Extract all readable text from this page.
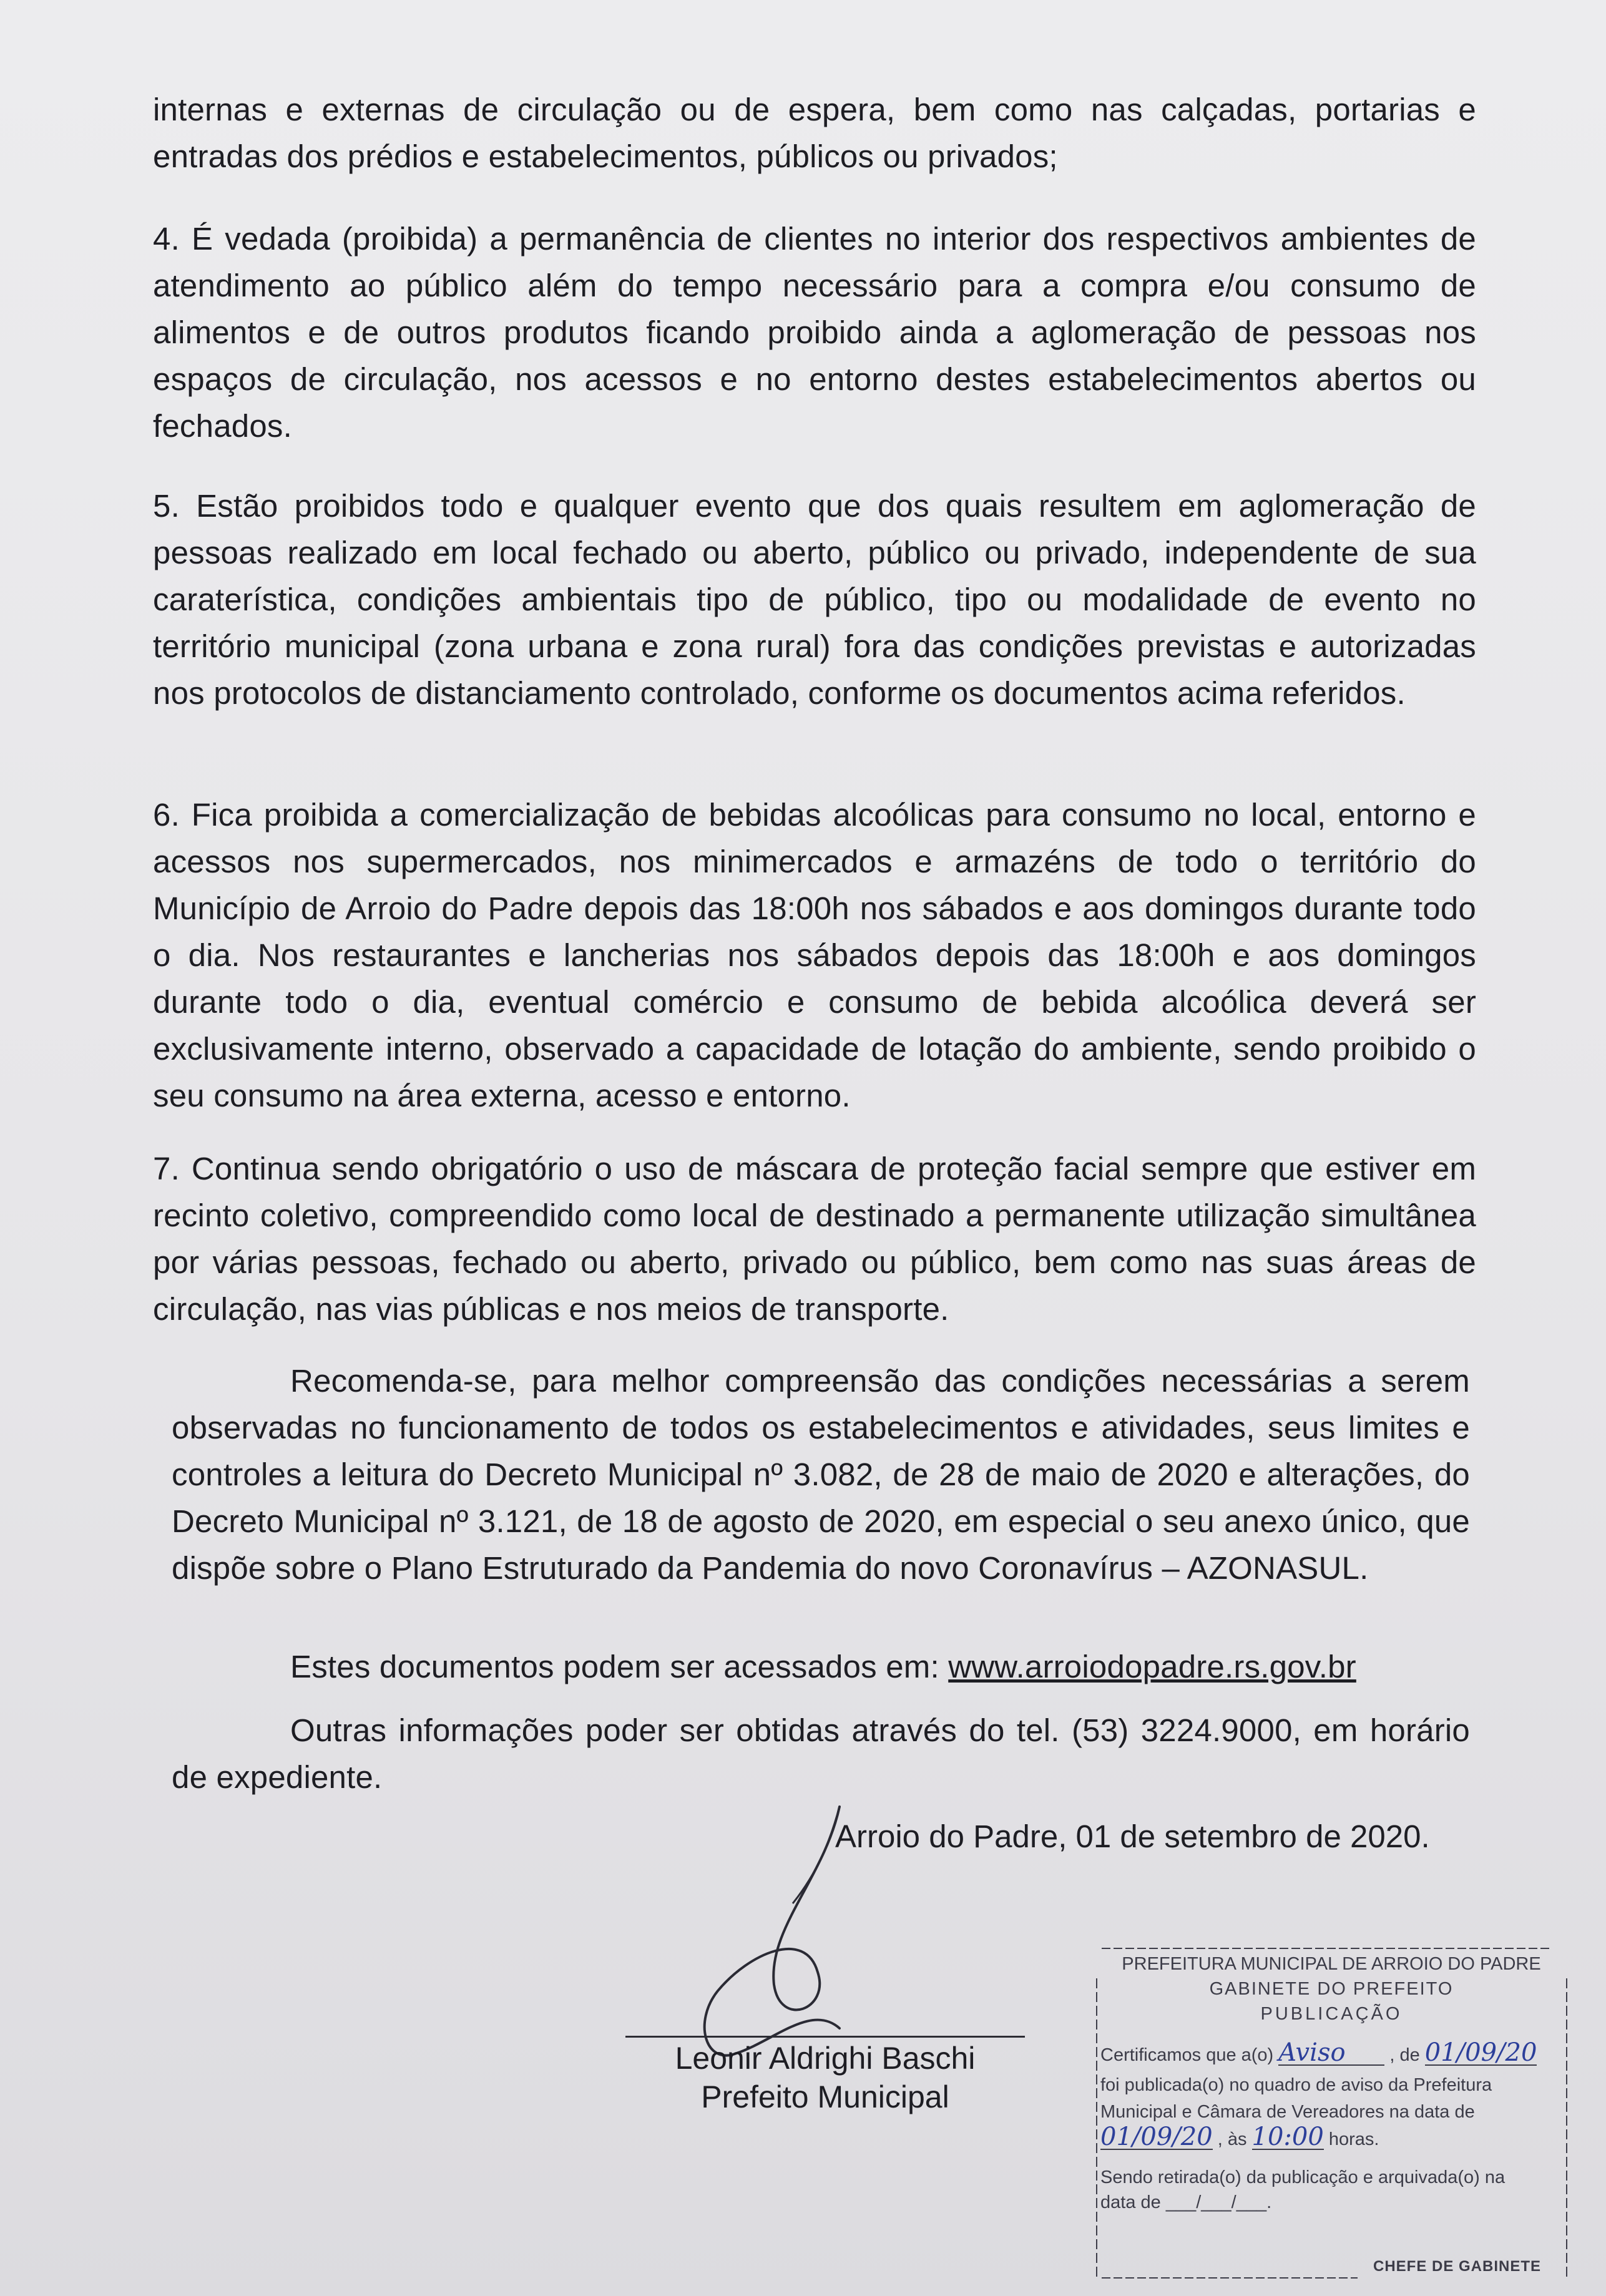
internas e externas de circulação ou de espera, bem como nas calçadas, portarias e entradas dos prédios e estabelecimentos, públicos ou privados;

4. É vedada (proibida) a permanência de clientes no interior dos respectivos ambientes de atendimento ao público além do tempo necessário para a compra e/ou consumo de alimentos e de outros produtos ficando proibido ainda a aglomeração de pessoas nos espaços de circulação, nos acessos e no entorno destes estabelecimentos abertos ou fechados.

5. Estão proibidos todo e qualquer evento que dos quais resultem em aglomeração de pessoas realizado em local fechado ou aberto, público ou privado, independente de sua caraterística, condições ambientais tipo de público, tipo ou modalidade de evento no território municipal (zona urbana e zona rural) fora das condições previstas e autorizadas nos protocolos de distanciamento controlado, conforme os documentos acima referidos.

6. Fica proibida a comercialização de bebidas alcoólicas para consumo no local, entorno e acessos nos supermercados, nos minimercados e armazéns de todo o território do Município de Arroio do Padre depois das 18:00h nos sábados e aos domingos durante todo o dia. Nos restaurantes e lancherias nos sábados depois das 18:00h e aos domingos durante todo o dia, eventual comércio e consumo de bebida alcoólica deverá ser exclusivamente interno, observado a capacidade de lotação do ambiente, sendo proibido o seu consumo na área externa, acesso e entorno.

7. Continua sendo obrigatório o uso de máscara de proteção facial sempre que estiver em recinto coletivo, compreendido como local de destinado a permanente utilização simultânea por várias pessoas, fechado ou aberto, privado ou público, bem como nas suas áreas de circulação, nas vias públicas e nos meios de transporte.

Recomenda-se, para melhor compreensão das condições necessárias a serem observadas no funcionamento de todos os estabelecimentos e atividades, seus limites e controles a leitura do Decreto Municipal nº 3.082, de 28 de maio de 2020 e alterações, do Decreto Municipal nº 3.121, de 18 de agosto de 2020, em especial o seu anexo único, que dispõe sobre o Plano Estruturado da Pandemia do novo Coronavírus – AZONASUL.

Estes documentos podem ser acessados em: www.arroiodopadre.rs.gov.br

Outras informações poder ser obtidas através do tel. (53) 3224.9000, em horário de expediente.

Arroio do Padre, 01 de setembro de 2020.
Leonir Aldrighi Baschi
Prefeito Municipal
PREFEITURA MUNICIPAL DE ARROIO DO PADRE
GABINETE DO PREFEITO
PUBLICAÇÃO
Certificamos que a(o) Aviso , de 01/09/20
foi publicada(o) no quadro de aviso da Prefeitura
Municipal e Câmara de Vereadores na data de
01/09/20 , às 10:00 horas.
Sendo retirada(o) da publicação e arquivada(o) na
data de ___/___/___.
CHEFE DE GABINETE
